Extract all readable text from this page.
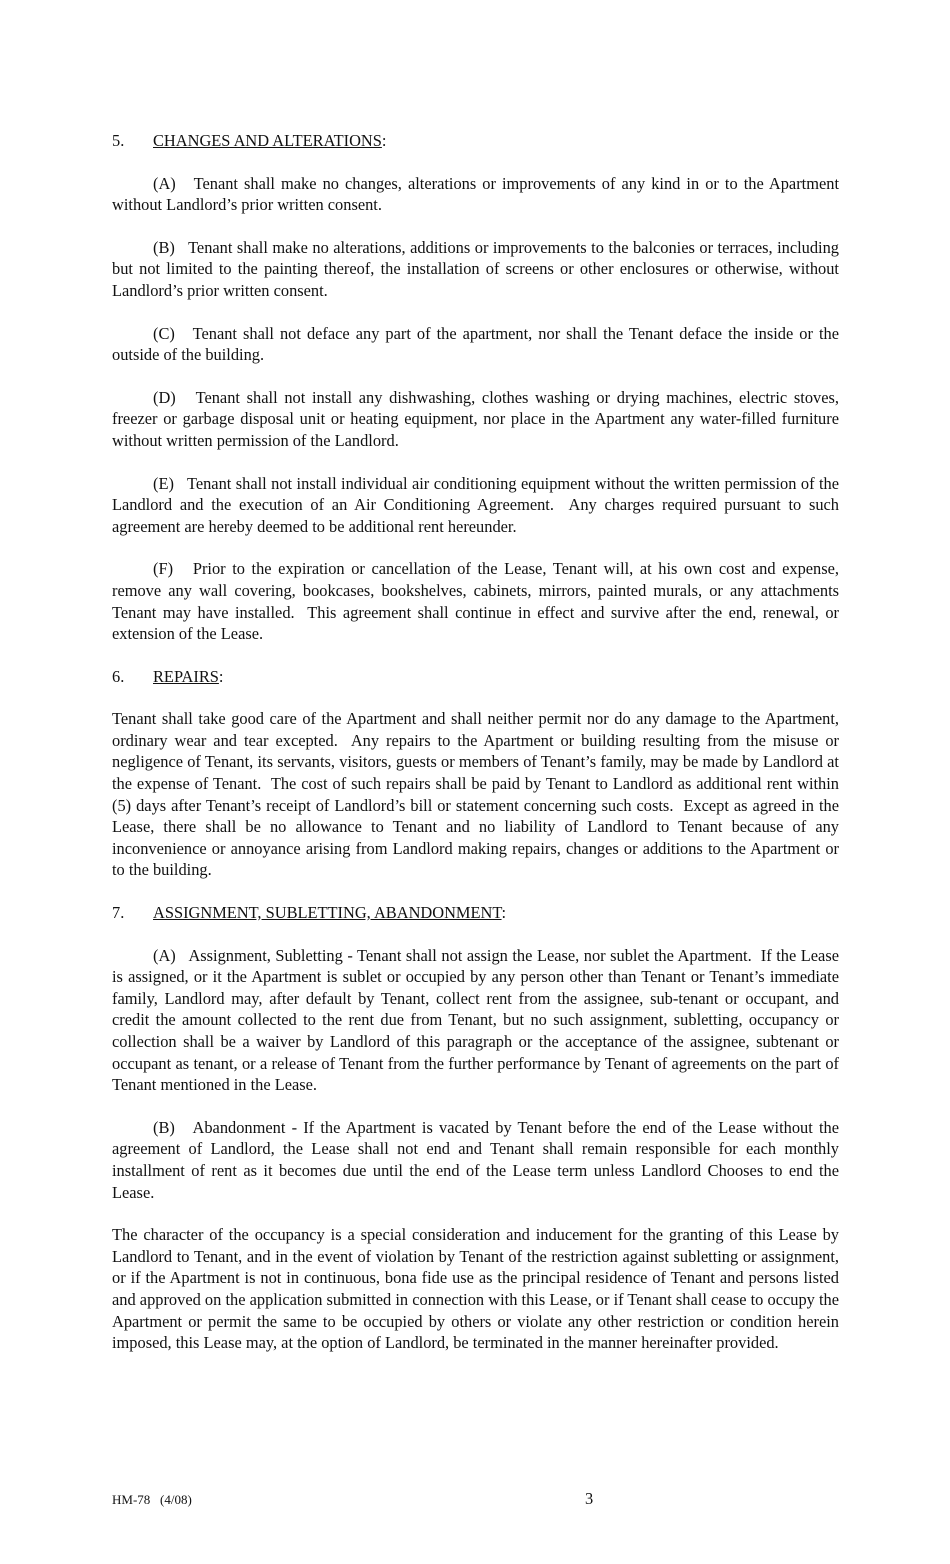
5. CHANGES AND ALTERATIONS:

(A)   Tenant shall make no changes, alterations or improvements of any kind in or to the Apartment without Landlord’s prior written consent.

(B)   Tenant shall make no alterations, additions or improvements to the balconies or terraces, including but not limited to the painting thereof, the installation of screens or other enclosures or otherwise, without Landlord’s prior written consent.

(C)   Tenant shall not deface any part of the apartment, nor shall the Tenant deface the inside or the outside of the building.

(D)   Tenant shall not install any dishwashing, clothes washing or drying machines, electric stoves, freezer or garbage disposal unit or heating equipment, nor place in the Apartment any water-filled furniture without written permission of the Landlord.

(E)   Tenant shall not install individual air conditioning equipment without the written permission of the Landlord and the execution of an Air Conditioning Agreement.  Any charges required pursuant to such agreement are hereby deemed to be additional rent hereunder.

(F)   Prior to the expiration or cancellation of the Lease, Tenant will, at his own cost and expense, remove any wall covering, bookcases, bookshelves, cabinets, mirrors, painted murals, or any attachments Tenant may have installed.  This agreement shall continue in effect and survive after the end, renewal, or extension of the Lease.

6. REPAIRS:

Tenant shall take good care of the Apartment and shall neither permit nor do any damage to the Apartment, ordinary wear and tear excepted.  Any repairs to the Apartment or building resulting from the misuse or negligence of Tenant, its servants, visitors, guests or members of Tenant’s family, may be made by Landlord at the expense of Tenant.  The cost of such repairs shall be paid by Tenant to Landlord as additional rent within (5) days after Tenant’s receipt of Landlord’s bill or statement concerning such costs.  Except as agreed in the Lease, there shall be no allowance to Tenant and no liability of Landlord to Tenant because of any inconvenience or annoyance arising from Landlord making repairs, changes or additions to the Apartment or to the building.

7. ASSIGNMENT, SUBLETTING, ABANDONMENT:

(A)   Assignment, Subletting - Tenant shall not assign the Lease, nor sublet the Apartment.  If the Lease is assigned, or it the Apartment is sublet or occupied by any person other than Tenant or Tenant’s immediate family, Landlord may, after default by Tenant, collect rent from the assignee, sub-tenant or occupant, and credit the amount collected to the rent due from Tenant, but no such assignment, subletting, occupancy or collection shall be a waiver by Landlord of this paragraph or the acceptance of the assignee, subtenant or occupant as tenant, or a release of Tenant from the further performance by Tenant of agreements on the part of Tenant mentioned in the Lease.

(B)   Abandonment - If the Apartment is vacated by Tenant before the end of the Lease without the agreement of Landlord, the Lease shall not end and Tenant shall remain responsible for each monthly installment of rent as it becomes due until the end of the Lease term unless Landlord Chooses to end the Lease.

The character of the occupancy is a special consideration and inducement for the granting of this Lease by Landlord to Tenant, and in the event of violation by Tenant of the restriction against subletting or assignment, or if the Apartment is not in continuous, bona fide use as the principal residence of Tenant and persons listed and approved on the application submitted in connection with this Lease, or if Tenant shall cease to occupy the Apartment or permit the same to be occupied by others or violate any other restriction or condition herein imposed, this Lease may, at the option of Landlord, be terminated in the manner hereinafter provided.

HM-78   (4/08)	3
